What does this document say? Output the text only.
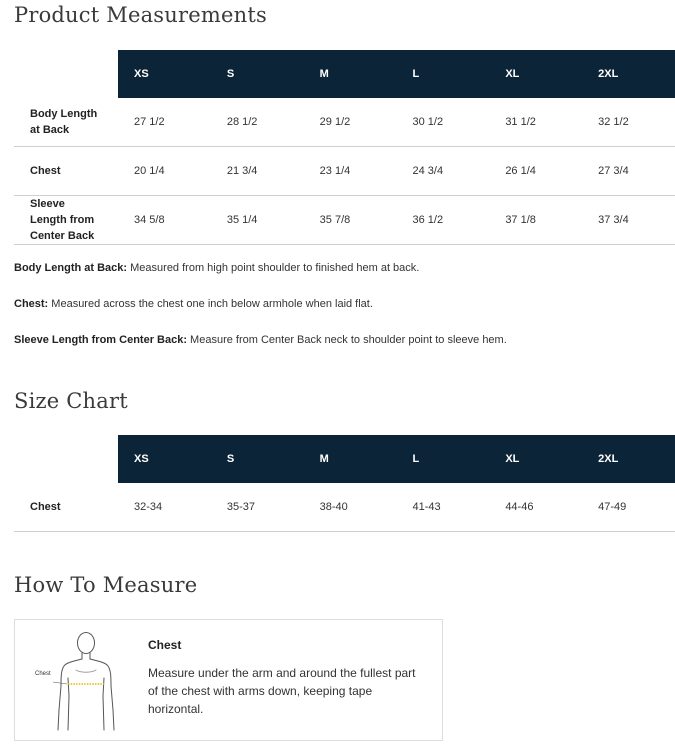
Product Measurements
	XS	S	M	L	XL	2XL
Body Length
at Back	27 1/2	28 1/2	29 1/2	30 1/2	31 1/2	32 1/2
Chest	20 1/4	21 3/4	23 1/4	24 3/4	26 1/4	27 3/4
Sleeve
Length from
Center Back	34 5/8	35 1/4	35 7/8	36 1/2	37 1/8	37 3/4

Body Length at Back: Measured from high point shoulder to finished hem at back.

Chest: Measured across the chest one inch below armhole when laid flat.

Sleeve Length from Center Back: Measure from Center Back neck to shoulder point to sleeve hem.

Size Chart
	XS	S	M	L	XL	2XL
Chest	32-34	35-37	38-40	41-43	44-46	47-49
How To Measure
Chest

Chest

Measure under the arm and around the fullest part of the chest with arms down, keeping tape horizontal.
